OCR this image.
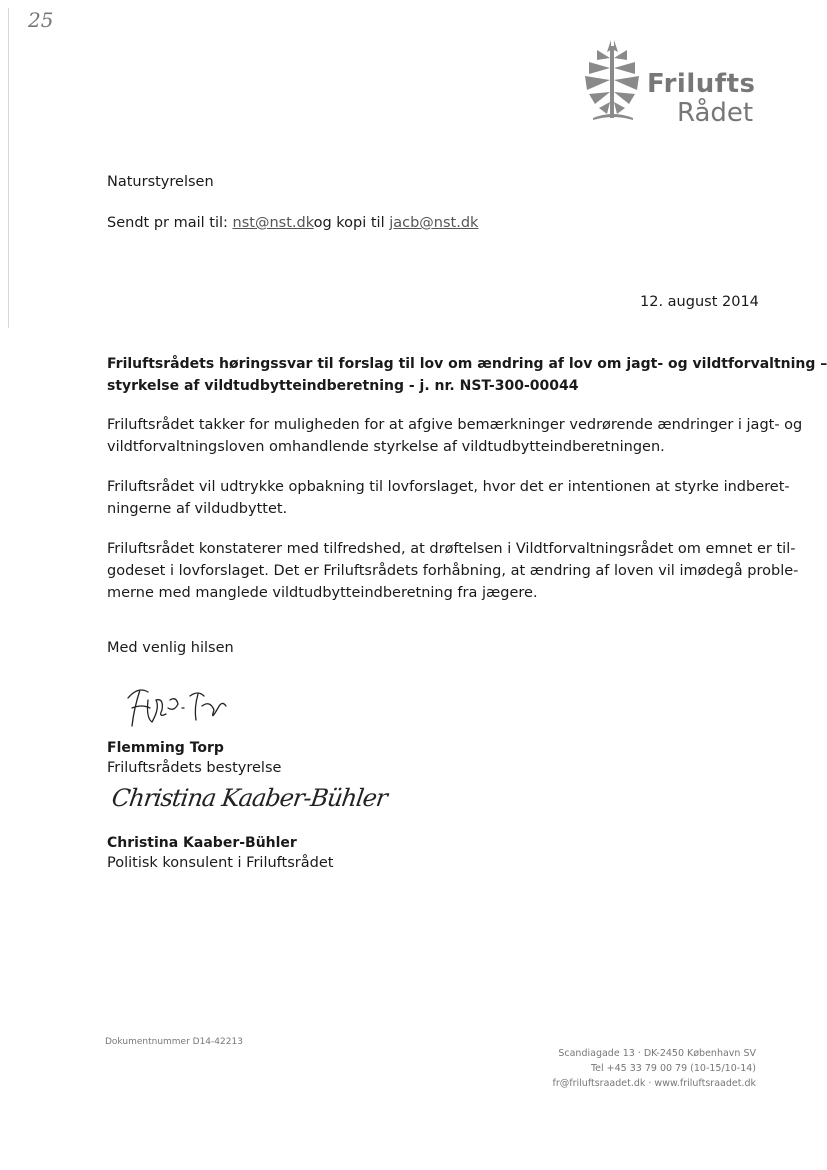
25
Frilufts
Rådet
Naturstyrelsen
Sendt pr mail til: nst@nst.dkog kopi til jacb@nst.dk
12. august 2014
Friluftsrådets høringssvar til forslag til lov om ændring af lov om jagt- og vildtforvaltning –
styrkelse af vildtudbytteindberetning - j. nr. NST-300-00044
Friluftsrådet takker for muligheden for at afgive bemærkninger vedrørende ændringer i jagt- og
vildtforvaltningsloven omhandlende styrkelse af vildtudbytteindberetningen.
Friluftsrådet vil udtrykke opbakning til lovforslaget, hvor det er intentionen at styrke indberet-
ningerne af vildudbyttet.
Friluftsrådet konstaterer med tilfredshed, at drøftelsen i Vildtforvaltningsrådet om emnet er til-
godeset i lovforslaget. Det er Friluftsrådets forhåbning, at ændring af loven vil imødegå proble-
merne med manglede vildtudbytteindberetning fra jægere.
Med venlig hilsen
Flemming Torp
Friluftsrådets bestyrelse
Christina Kaaber-Bühler
Christina Kaaber-Bühler
Politisk konsulent i Friluftsrådet
Dokumentnummer D14-42213
Scandiagade 13 · DK-2450 København SV
Tel +45 33 79 00 79 (10-15/10-14)
fr@friluftsraadet.dk · www.friluftsraadet.dk
